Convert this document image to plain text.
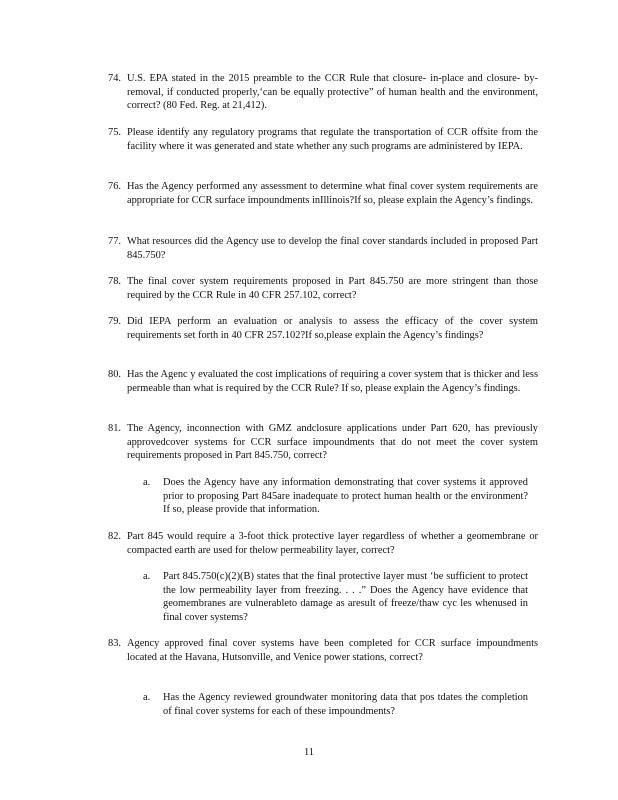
74. U.S. EPA stated in the 2015 preamble to the CCR Rule that closure- in-place and closure- by-removal, if conducted properly,‘can be equally protective” of human health and the environment, correct? (80 Fed. Reg. at 21,412).
75. Please identify any regulatory programs that regulate the transportation of CCR offsite from the facility where it was generated and state whether any such programs are administered by IEPA.
76. Has the Agency performed any assessment to determine what final cover system requirements are appropriate for CCR surface impoundments inIllinois?If so, please explain the Agency’s findings.
77. What resources did the Agency use to develop the final cover standards included in proposed Part 845.750?
78. The final cover system requirements proposed in Part 845.750 are more stringent than those required by the CCR Rule in 40 CFR 257.102, correct?
79. Did IEPA perform an evaluation or analysis to assess the efficacy of the cover system requirements set forth in 40 CFR 257.102?If so,please explain the Agency’s findings?
80. Has the Agenc y evaluated the cost implications of requiring a cover system that is thicker and less permeable than what is required by the CCR Rule? If so, please explain the Agency’s findings.
81. The Agency, inconnection with GMZ andclosure applications under Part 620, has previously approvedcover systems for CCR surface impoundments that do not meet the cover system requirements proposed in Part 845.750, correct?
a. Does the Agency have any information demonstrating that cover systems it approved prior to proposing Part 845are inadequate to protect human health or the environment?If so, please provide that information.
82. Part 845 would require a 3-foot thick protective layer regardless of whether a geomembrane or compacted earth are used for thelow permeability layer, correct?
a. Part 845.750(c)(2)(B) states that the final protective layer must ‘be sufficient to protect the low permeability layer from freezing. . . .” Does the Agency have evidence that geomembranes are vulnerableto damage as aresult of freeze/thaw cyc les whenused in final cover systems?
83. Agency approved final cover systems have been completed for CCR surface impoundments located at the Havana, Hutsonville, and Venice power stations, correct?
a. Has the Agency reviewed groundwater monitoring data that pos tdates the completion of final cover systems for each of these impoundments?
11
